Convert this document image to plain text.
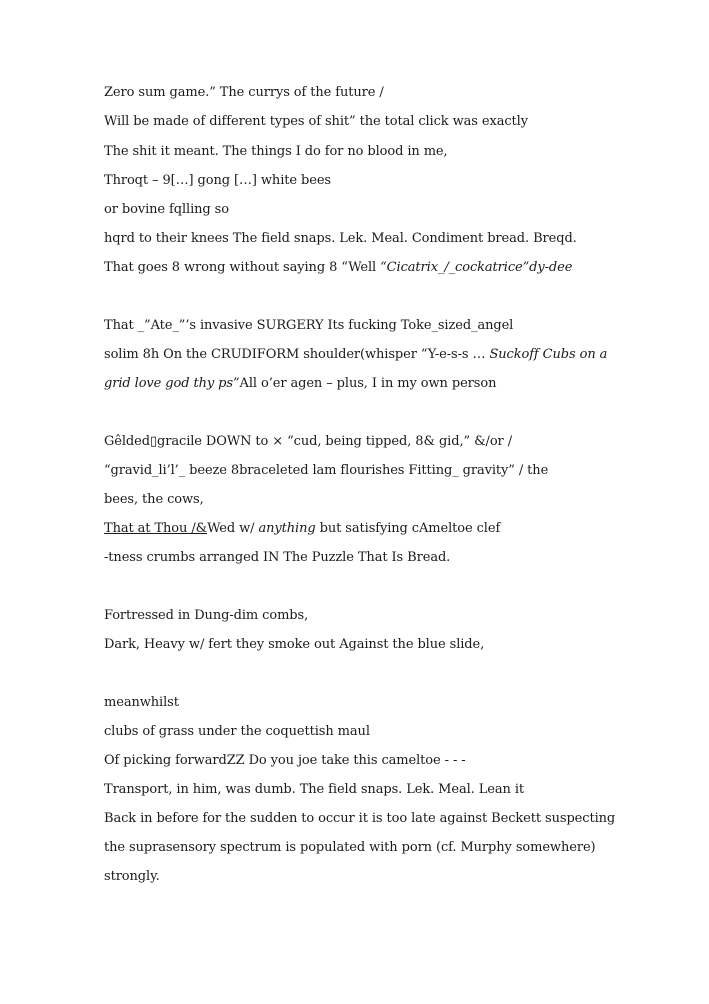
Zero sum game.” The currys of the future /
Will be made of different types of shit” the total click was exactly
The shit it meant. The things I do for no blood in me,
Throqt – 9[…] gong […] white bees
or bovine fqlling so
hqrd to their knees The field snaps. Lek. Meal. Condiment bread. Breqd.
That goes 8 wrong without saying 8 “Well “Cicatrix_/_cockatrice”dy-dee
That _”Ate_”’s invasive SURGERY Its fucking Toke_sized_angel
solim 8h On the CRUDIFORM shoulder(whisper “Y-e-s-s … Suckoff Cubs on a
grid love god thy ps”All o’er agen – plus, I in my own person
Gêlded▯gracile DOWN to × “cud, being tipped, 8& gid,” &/or /
“gravid_li’l’_ beeze 8braceleted lam flourishes Fitting_ gravity” / the
bees, the cows,
That at Thou /&Wed w/ anything but satisfying cAmeltoe clef
-tness crumbs arranged IN The Puzzle That Is Bread.
Fortressed in Dung-dim combs,
Dark, Heavy w/ fert they smoke out Against the blue slide,
meanwhilst
clubs of grass under the coquettish maul
Of picking forwardZZ Do you joe take this cameltoe - - -
Transport, in him, was dumb. The field snaps. Lek. Meal. Lean it
Back in before for the sudden to occur it is too late against Beckett suspecting
the suprasensory spectrum is populated with porn (cf. Murphy somewhere)
strongly.
